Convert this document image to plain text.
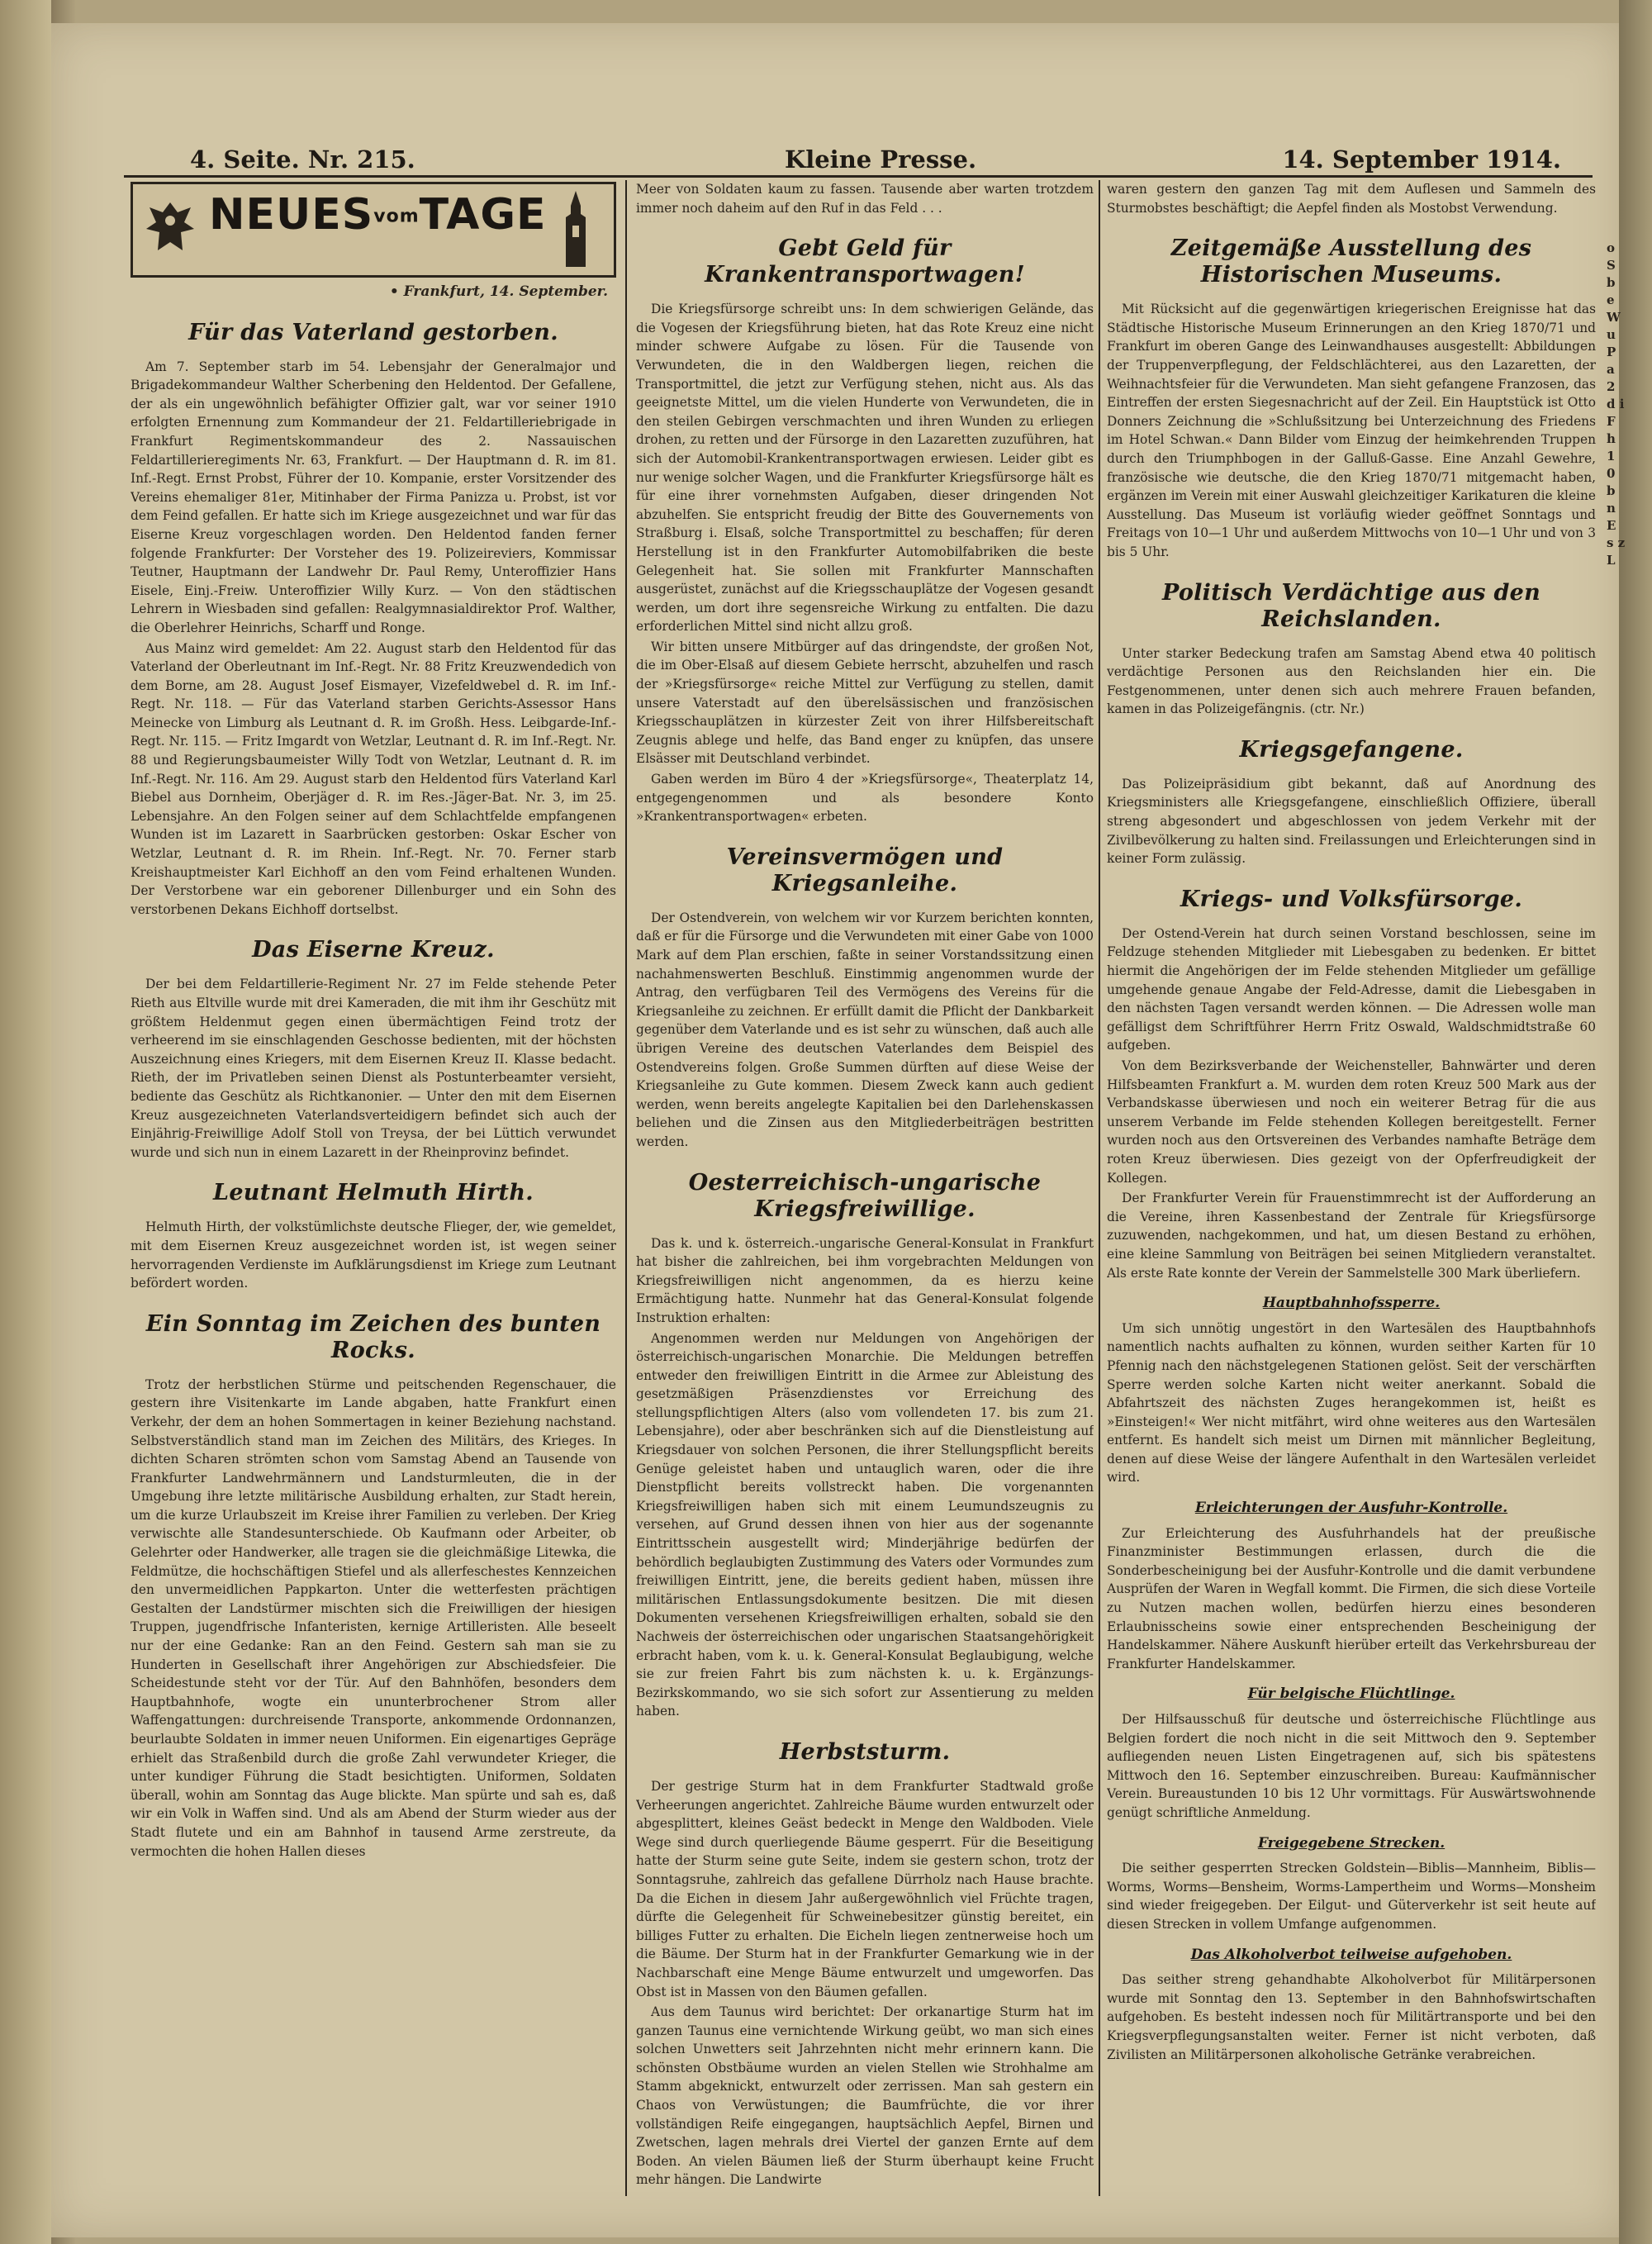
4. Seite. Nr. 215.	Kleine Presse.	14. September 1914.
NEUESvomTAGE
• Frankfurt, 14. September.
Für das Vaterland gestorben.

Am 7. September starb im 54. Lebensjahr der Generalmajor und Brigadekommandeur Walther Scherbening den Heldentod. Der Gefallene, der als ein ungewöhnlich befähigter Offizier galt, war vor seiner 1910 erfolgten Ernennung zum Kommandeur der 21. Feldartilleriebrigade in Frankfurt Regimentskommandeur des 2. Nassauischen Feldartillerieregiments Nr. 63, Frankfurt. — Der Hauptmann d. R. im 81. Inf.-Regt. Ernst Probst, Führer der 10. Kompanie, erster Vorsitzender des Vereins ehemaliger 81er, Mitinhaber der Firma Panizza u. Probst, ist vor dem Feind gefallen. Er hatte sich im Kriege ausgezeichnet und war für das Eiserne Kreuz vorgeschlagen worden. Den Heldentod fanden ferner folgende Frankfurter: Der Vorsteher des 19. Polizeireviers, Kommissar Teutner, Hauptmann der Landwehr Dr. Paul Remy, Unteroffizier Hans Eisele, Einj.-Freiw. Unteroffizier Willy Kurz. — Von den städtischen Lehrern in Wiesbaden sind gefallen: Realgymnasialdirektor Prof. Walther, die Oberlehrer Heinrichs, Scharff und Ronge.

Aus Mainz wird gemeldet: Am 22. August starb den Heldentod für das Vaterland der Oberleutnant im Inf.-Regt. Nr. 88 Fritz Kreuzwendedich von dem Borne, am 28. August Josef Eismayer, Vizefeldwebel d. R. im Inf.-Regt. Nr. 118. — Für das Vaterland starben Gerichts-Assessor Hans Meinecke von Limburg als Leutnant d. R. im Großh. Hess. Leibgarde-Inf.-Regt. Nr. 115. — Fritz Imgardt von Wetzlar, Leutnant d. R. im Inf.-Regt. Nr. 88 und Regierungsbaumeister Willy Todt von Wetzlar, Leutnant d. R. im Inf.-Regt. Nr. 116. Am 29. August starb den Heldentod fürs Vaterland Karl Biebel aus Dornheim, Oberjäger d. R. im Res.-Jäger-Bat. Nr. 3, im 25. Lebensjahre. An den Folgen seiner auf dem Schlachtfelde empfangenen Wunden ist im Lazarett in Saarbrücken gestorben: Oskar Escher von Wetzlar, Leutnant d. R. im Rhein. Inf.-Regt. Nr. 70. Ferner starb Kreishauptmeister Karl Eichhoff an den vom Feind erhaltenen Wunden. Der Verstorbene war ein geborener Dillenburger und ein Sohn des verstorbenen Dekans Eichhoff dortselbst.

Das Eiserne Kreuz.

Der bei dem Feldartillerie-Regiment Nr. 27 im Felde stehende Peter Rieth aus Eltville wurde mit drei Kameraden, die mit ihm ihr Geschütz mit größtem Heldenmut gegen einen übermächtigen Feind trotz der verheerend im sie einschlagenden Geschosse bedienten, mit der höchsten Auszeichnung eines Kriegers, mit dem Eisernen Kreuz II. Klasse bedacht. Rieth, der im Privatleben seinen Dienst als Postunterbeamter versieht, bediente das Geschütz als Richtkanonier. — Unter den mit dem Eisernen Kreuz ausgezeichneten Vaterlandsverteidigern befindet sich auch der Einjährig-Freiwillige Adolf Stoll von Treysa, der bei Lüttich verwundet wurde und sich nun in einem Lazarett in der Rheinprovinz befindet.

Leutnant Helmuth Hirth.

Helmuth Hirth, der volkstümlichste deutsche Flieger, der, wie gemeldet, mit dem Eisernen Kreuz ausgezeichnet worden ist, ist wegen seiner hervorragenden Verdienste im Aufklärungsdienst im Kriege zum Leutnant befördert worden.

Ein Sonntag im Zeichen des bunten Rocks.

Trotz der herbstlichen Stürme und peitschenden Regenschauer, die gestern ihre Visitenkarte im Lande abgaben, hatte Frankfurt einen Verkehr, der dem an hohen Sommertagen in keiner Beziehung nachstand. Selbstverständlich stand man im Zeichen des Militärs, des Krieges. In dichten Scharen strömten schon vom Samstag Abend an Tausende von Frankfurter Landwehrmännern und Landsturmleuten, die in der Umgebung ihre letzte militärische Ausbildung erhalten, zur Stadt herein, um die kurze Urlaubszeit im Kreise ihrer Familien zu verleben. Der Krieg verwischte alle Standesunterschiede. Ob Kaufmann oder Arbeiter, ob Gelehrter oder Handwerker, alle tragen sie die gleichmäßige Litewka, die Feldmütze, die hochschäftigen Stiefel und als allerfeschestes Kennzeichen den unvermeidlichen Pappkarton. Unter die wetterfesten prächtigen Gestalten der Landstürmer mischten sich die Freiwilligen der hiesigen Truppen, jugendfrische Infanteristen, kernige Artilleristen. Alle beseelt nur der eine Gedanke: Ran an den Feind. Gestern sah man sie zu Hunderten in Gesellschaft ihrer Angehörigen zur Abschiedsfeier. Die Scheidestunde steht vor der Tür. Auf den Bahnhöfen, besonders dem Hauptbahnhofe, wogte ein ununterbrochener Strom aller Waffengattungen: durchreisende Transporte, ankommende Ordonnanzen, beurlaubte Soldaten in immer neuen Uniformen. Ein eigenartiges Gepräge erhielt das Straßenbild durch die große Zahl verwundeter Krieger, die unter kundiger Führung die Stadt besichtigten. Uniformen, Soldaten überall, wohin am Sonntag das Auge blickte. Man spürte und sah es, daß wir ein Volk in Waffen sind. Und als am Abend der Sturm wieder aus der Stadt flutete und ein am Bahnhof in tausend Arme zerstreute, da vermochten die hohen Hallen dieses

Meer von Soldaten kaum zu fassen. Tausende aber warten trotzdem immer noch daheim auf den Ruf in das Feld . . .

Gebt Geld für Krankentransportwagen!

Die Kriegsfürsorge schreibt uns: In dem schwierigen Gelände, das die Vogesen der Kriegsführung bieten, hat das Rote Kreuz eine nicht minder schwere Aufgabe zu lösen. Für die Tausende von Verwundeten, die in den Waldbergen liegen, reichen die Transportmittel, die jetzt zur Verfügung stehen, nicht aus. Als das geeignetste Mittel, um die vielen Hunderte von Verwundeten, die in den steilen Gebirgen verschmachten und ihren Wunden zu erliegen drohen, zu retten und der Fürsorge in den Lazaretten zuzuführen, hat sich der Automobil-Krankentransportwagen erwiesen. Leider gibt es nur wenige solcher Wagen, und die Frankfurter Kriegsfürsorge hält es für eine ihrer vornehmsten Aufgaben, dieser dringenden Not abzuhelfen. Sie entspricht freudig der Bitte des Gouvernements von Straßburg i. Elsaß, solche Transportmittel zu beschaffen; für deren Herstellung ist in den Frankfurter Automobilfabriken die beste Gelegenheit hat. Sie sollen mit Frankfurter Mannschaften ausgerüstet, zunächst auf die Kriegsschauplätze der Vogesen gesandt werden, um dort ihre segensreiche Wirkung zu entfalten. Die dazu erforderlichen Mittel sind nicht allzu groß.

Wir bitten unsere Mitbürger auf das dringendste, der großen Not, die im Ober-Elsaß auf diesem Gebiete herrscht, abzuhelfen und rasch der »Kriegsfürsorge« reiche Mittel zur Verfügung zu stellen, damit unsere Vaterstadt auf den überelsässischen und französischen Kriegsschauplätzen in kürzester Zeit von ihrer Hilfsbereitschaft Zeugnis ablege und helfe, das Band enger zu knüpfen, das unsere Elsässer mit Deutschland verbindet.

Gaben werden im Büro 4 der »Kriegsfürsorge«, Theaterplatz 14, entgegengenommen und als besondere Konto »Krankentransportwagen« erbeten.

Vereinsvermögen und Kriegsanleihe.

Der Ostendverein, von welchem wir vor Kurzem berichten konnten, daß er für die Fürsorge und die Verwundeten mit einer Gabe von 1000 Mark auf dem Plan erschien, faßte in seiner Vorstandssitzung einen nachahmenswerten Beschluß. Einstimmig angenommen wurde der Antrag, den verfügbaren Teil des Vermögens des Vereins für die Kriegsanleihe zu zeichnen. Er erfüllt damit die Pflicht der Dankbarkeit gegenüber dem Vaterlande und es ist sehr zu wünschen, daß auch alle übrigen Vereine des deutschen Vaterlandes dem Beispiel des Ostendvereins folgen. Große Summen dürften auf diese Weise der Kriegsanleihe zu Gute kommen. Diesem Zweck kann auch gedient werden, wenn bereits angelegte Kapitalien bei den Darlehenskassen beliehen und die Zinsen aus den Mitgliederbeiträgen bestritten werden.

Oesterreichisch-ungarische Kriegsfreiwillige.

Das k. und k. österreich.-ungarische General-Konsulat in Frankfurt hat bisher die zahlreichen, bei ihm vorgebrachten Meldungen von Kriegsfreiwilligen nicht angenommen, da es hierzu keine Ermächtigung hatte. Nunmehr hat das General-Konsulat folgende Instruktion erhalten:

Angenommen werden nur Meldungen von Angehörigen der österreichisch-ungarischen Monarchie. Die Meldungen betreffen entweder den freiwilligen Eintritt in die Armee zur Ableistung des gesetzmäßigen Präsenzdienstes vor Erreichung des stellungspflichtigen Alters (also vom vollendeten 17. bis zum 21. Lebensjahre), oder aber beschränken sich auf die Dienstleistung auf Kriegsdauer von solchen Personen, die ihrer Stellungspflicht bereits Genüge geleistet haben und untauglich waren, oder die ihre Dienstpflicht bereits vollstreckt haben. Die vorgenannten Kriegsfreiwilligen haben sich mit einem Leumundszeugnis zu versehen, auf Grund dessen ihnen von hier aus der sogenannte Eintrittsschein ausgestellt wird; Minderjährige bedürfen der behördlich beglaubigten Zustimmung des Vaters oder Vormundes zum freiwilligen Eintritt, jene, die bereits gedient haben, müssen ihre militärischen Entlassungsdokumente besitzen. Die mit diesen Dokumenten versehenen Kriegsfreiwilligen erhalten, sobald sie den Nachweis der österreichischen oder ungarischen Staatsangehörigkeit erbracht haben, vom k. u. k. General-Konsulat Beglaubigung, welche sie zur freien Fahrt bis zum nächsten k. u. k. Ergänzungs-Bezirkskommando, wo sie sich sofort zur Assentierung zu melden haben.

Herbststurm.

Der gestrige Sturm hat in dem Frankfurter Stadtwald große Verheerungen angerichtet. Zahlreiche Bäume wurden entwurzelt oder abgesplittert, kleines Geäst bedeckt in Menge den Waldboden. Viele Wege sind durch querliegende Bäume gesperrt. Für die Beseitigung hatte der Sturm seine gute Seite, indem sie gestern schon, trotz der Sonntagsruhe, zahlreich das gefallene Dürrholz nach Hause brachte. Da die Eichen in diesem Jahr außergewöhnlich viel Früchte tragen, dürfte die Gelegenheit für Schweinebesitzer günstig bereitet, ein billiges Futter zu erhalten. Die Eicheln liegen zentnerweise hoch um die Bäume. Der Sturm hat in der Frankfurter Gemarkung wie in der Nachbarschaft eine Menge Bäume entwurzelt und umgeworfen. Das Obst ist in Massen von den Bäumen gefallen.

Aus dem Taunus wird berichtet: Der orkanartige Sturm hat im ganzen Taunus eine vernichtende Wirkung geübt, wo man sich eines solchen Unwetters seit Jahrzehnten nicht mehr erinnern kann. Die schönsten Obstbäume wurden an vielen Stellen wie Strohhalme am Stamm abgeknickt, entwurzelt oder zerrissen. Man sah gestern ein Chaos von Verwüstungen; die Baumfrüchte, die vor ihrer vollständigen Reife eingegangen, hauptsächlich Aepfel, Birnen und Zwetschen, lagen mehrals drei Viertel der ganzen Ernte auf dem Boden. An vielen Bäumen ließ der Sturm überhaupt keine Frucht mehr hängen. Die Landwirte

waren gestern den ganzen Tag mit dem Auflesen und Sammeln des Sturmobstes beschäftigt; die Aepfel finden als Mostobst Verwendung.

Zeitgemäße Ausstellung des Historischen Museums.

Mit Rücksicht auf die gegenwärtigen kriegerischen Ereignisse hat das Städtische Historische Museum Erinnerungen an den Krieg 1870/71 und Frankfurt im oberen Gange des Leinwandhauses ausgestellt: Abbildungen der Truppenverpflegung, der Feldschlächterei, aus den Lazaretten, der Weihnachtsfeier für die Verwundeten. Man sieht gefangene Franzosen, das Eintreffen der ersten Siegesnachricht auf der Zeil. Ein Hauptstück ist Otto Donners Zeichnung die »Schlußsitzung bei Unterzeichnung des Friedens im Hotel Schwan.« Dann Bilder vom Einzug der heimkehrenden Truppen durch den Triumphbogen in der Galluß-Gasse. Eine Anzahl Gewehre, französische wie deutsche, die den Krieg 1870/71 mitgemacht haben, ergänzen im Verein mit einer Auswahl gleichzeitiger Karikaturen die kleine Ausstellung. Das Museum ist vorläufig wieder geöffnet Sonntags und Freitags von 10—1 Uhr und außerdem Mittwochs von 10—1 Uhr und von 3 bis 5 Uhr.

Politisch Verdächtige aus den Reichslanden.

Unter starker Bedeckung trafen am Samstag Abend etwa 40 politisch verdächtige Personen aus den Reichslanden hier ein. Die Festgenommenen, unter denen sich auch mehrere Frauen befanden, kamen in das Polizeigefängnis. (ctr. Nr.)

Kriegsgefangene.

Das Polizeipräsidium gibt bekannt, daß auf Anordnung des Kriegsministers alle Kriegsgefangene, einschließlich Offiziere, überall streng abgesondert und abgeschlossen von jedem Verkehr mit der Zivilbevölkerung zu halten sind. Freilassungen und Erleichterungen sind in keiner Form zulässig.

Kriegs- und Volksfürsorge.

Der Ostend-Verein hat durch seinen Vorstand beschlossen, seine im Feldzuge stehenden Mitglieder mit Liebesgaben zu bedenken. Er bittet hiermit die Angehörigen der im Felde stehenden Mitglieder um gefällige umgehende genaue Angabe der Feld-Adresse, damit die Liebesgaben in den nächsten Tagen versandt werden können. — Die Adressen wolle man gefälligst dem Schriftführer Herrn Fritz Oswald, Waldschmidtstraße 60 aufgeben.

Von dem Bezirksverbande der Weichensteller, Bahnwärter und deren Hilfsbeamten Frankfurt a. M. wurden dem roten Kreuz 500 Mark aus der Verbandskasse überwiesen und noch ein weiterer Betrag für die aus unserem Verbande im Felde stehenden Kollegen bereitgestellt. Ferner wurden noch aus den Ortsvereinen des Verbandes namhafte Beträge dem roten Kreuz überwiesen. Dies gezeigt von der Opferfreudigkeit der Kollegen.

Der Frankfurter Verein für Frauenstimmrecht ist der Aufforderung an die Vereine, ihren Kassenbestand der Zentrale für Kriegsfürsorge zuzuwenden, nachgekommen, und hat, um diesen Bestand zu erhöhen, eine kleine Sammlung von Beiträgen bei seinen Mitgliedern veranstaltet. Als erste Rate konnte der Verein der Sammelstelle 300 Mark überliefern.

Hauptbahnhofssperre.

Um sich unnötig ungestört in den Wartesälen des Hauptbahnhofs namentlich nachts aufhalten zu können, wurden seither Karten für 10 Pfennig nach den nächstgelegenen Stationen gelöst. Seit der verschärften Sperre werden solche Karten nicht weiter anerkannt. Sobald die Abfahrtszeit des nächsten Zuges herangekommen ist, heißt es »Einsteigen!« Wer nicht mitfährt, wird ohne weiteres aus den Wartesälen entfernt. Es handelt sich meist um Dirnen mit männlicher Begleitung, denen auf diese Weise der längere Aufenthalt in den Wartesälen verleidet wird.

Erleichterungen der Ausfuhr-Kontrolle.

Zur Erleichterung des Ausfuhrhandels hat der preußische Finanzminister Bestimmungen erlassen, durch die die Sonderbescheinigung bei der Ausfuhr-Kontrolle und die damit verbundene Ausprüfen der Waren in Wegfall kommt. Die Firmen, die sich diese Vorteile zu Nutzen machen wollen, bedürfen hierzu eines besonderen Erlaubnisscheins sowie einer entsprechenden Bescheinigung der Handelskammer. Nähere Auskunft hierüber erteilt das Verkehrsbureau der Frankfurter Handelskammer.

Für belgische Flüchtlinge.

Der Hilfsausschuß für deutsche und österreichische Flüchtlinge aus Belgien fordert die noch nicht in die seit Mittwoch den 9. September aufliegenden neuen Listen Eingetragenen auf, sich bis spätestens Mittwoch den 16. September einzuschreiben. Bureau: Kaufmännischer Verein. Bureaustunden 10 bis 12 Uhr vormittags. Für Auswärtswohnende genügt schriftliche Anmeldung.

Freigegebene Strecken.

Die seither gesperrten Strecken Goldstein—Biblis—Mannheim, Biblis—Worms, Worms—Bensheim, Worms-Lampertheim und Worms—Monsheim sind wieder freigegeben. Der Eilgut- und Güterverkehr ist seit heute auf diesen Strecken in vollem Umfange aufgenommen.

Das Alkoholverbot teilweise aufgehoben.

Das seither streng gehandhabte Alkoholverbot für Militärpersonen wurde mit Sonntag den 13. September in den Bahnhofswirtschaften aufgehoben. Es besteht indessen noch für Militärtransporte und bei den Kriegsverpflegungsanstalten weiter. Ferner ist nicht verboten, daß Zivilisten an Militärpersonen alkoholische Getränke verabreichen.

o S b e W u P a 2 d i F h 1 0 b n E s z L
